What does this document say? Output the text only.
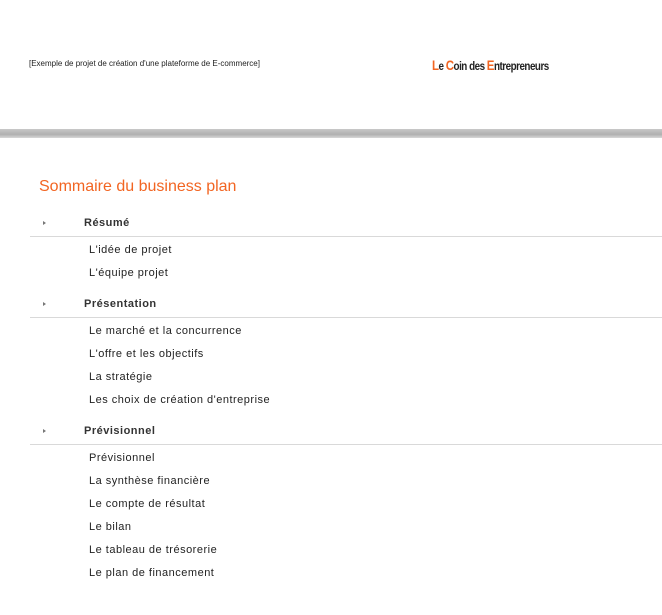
[Exemple de projet de création d'une plateforme de E-commerce]	Le Coin des Entrepreneurs
Sommaire du business plan
Résumé
L'idée de projet
L'équipe projet
Présentation
Le marché et la concurrence
L'offre et les objectifs
La stratégie
Les choix de création d'entreprise
Prévisionnel
Prévisionnel
La synthèse financière
Le compte de résultat
Le bilan
Le tableau de trésorerie
Le plan de financement
